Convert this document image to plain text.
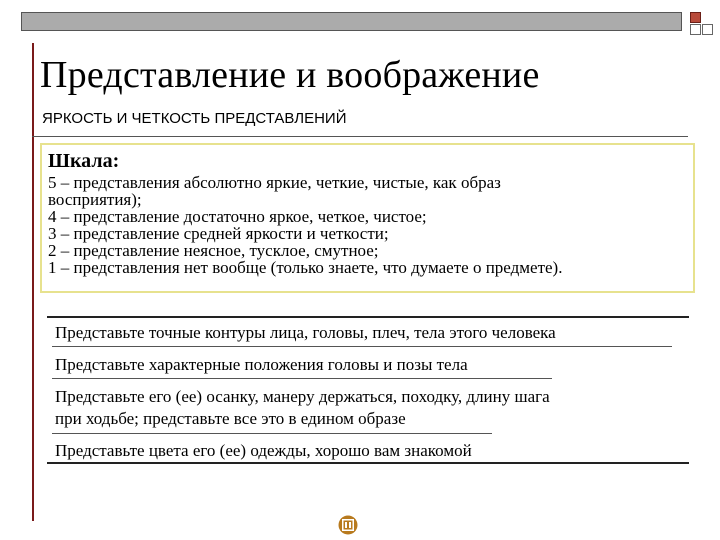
Представление и воображение

ЯРКОСТЬ И ЧЕТКОСТЬ ПРЕДСТАВЛЕНИЙ

Шкала:
5 – представления абсолютно яркие, четкие, чистые, как образ
восприятия);
4 – представление достаточно яркое, четкое, чистое;
3 – представление средней яркости и четкости;
2 – представление неясное, тусклое, смутное;
1 – представления нет вообще (только знаете, что думаете о предмете).
Представьте точные контуры лица, головы, плеч, тела этого человека
Представьте характерные положения головы и позы тела
Представьте его (ее) осанку, манеру держаться, походку, длину шага
при ходьбе; представьте все это в едином образе
Представьте цвета его (ее) одежды, хорошо вам знакомой
